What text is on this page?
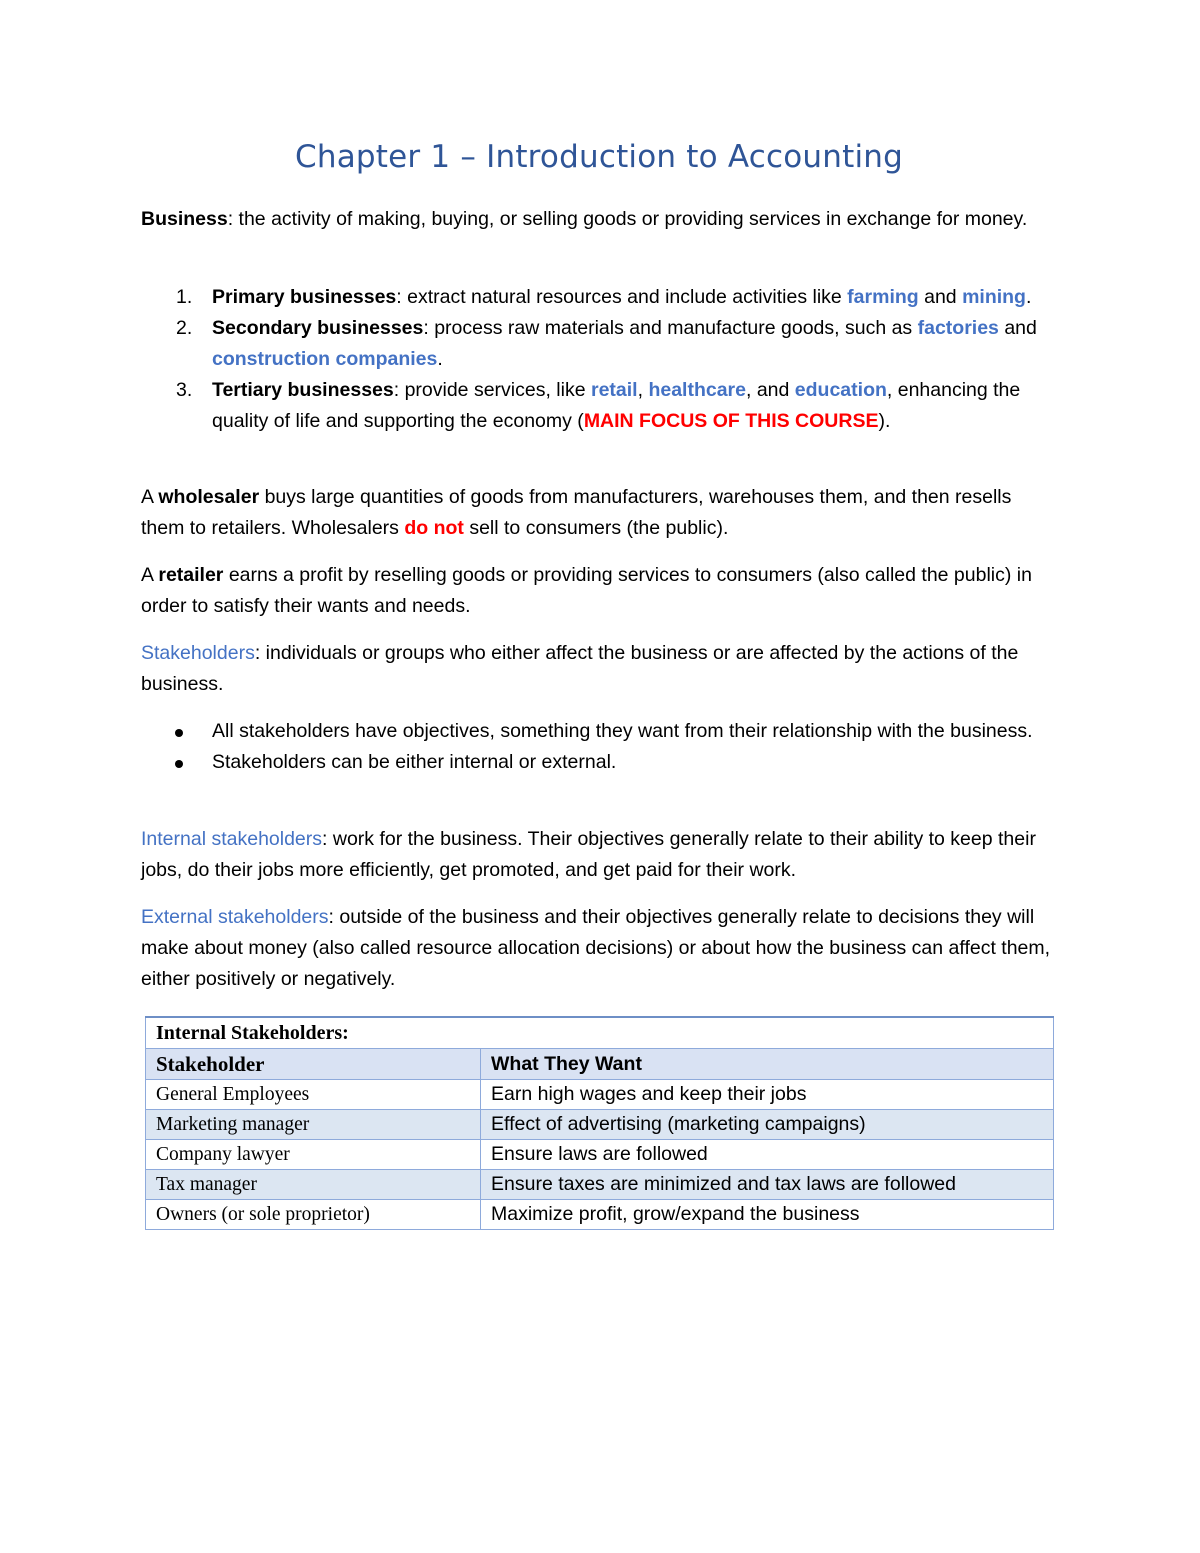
Chapter 1 – Introduction to Accounting

Business: the activity of making, buying, or selling goods or providing services in exchange for money.

1. Primary businesses: extract natural resources and include activities like farming and mining.
2. Secondary businesses: process raw materials and manufacture goods, such as factories and construction companies.
3. Tertiary businesses: provide services, like retail, healthcare, and education, enhancing the quality of life and supporting the economy (MAIN FOCUS OF THIS COURSE).

A wholesaler buys large quantities of goods from manufacturers, warehouses them, and then resells them to retailers. Wholesalers do not sell to consumers (the public).

A retailer earns a profit by reselling goods or providing services to consumers (also called the public) in order to satisfy their wants and needs.

Stakeholders: individuals or groups who either affect the business or are affected by the actions of the business.

All stakeholders have objectives, something they want from their relationship with the business.
Stakeholders can be either internal or external.

Internal stakeholders: work for the business. Their objectives generally relate to their ability to keep their jobs, do their jobs more efficiently, get promoted, and get paid for their work.

External stakeholders: outside of the business and their objectives generally relate to decisions they will make about money (also called resource allocation decisions) or about how the business can affect them, either positively or negatively.

Internal Stakeholders:	
Stakeholder	What They Want
General Employees	Earn high wages and keep their jobs
Marketing manager	Effect of advertising (marketing campaigns)
Company lawyer	Ensure laws are followed
Tax manager	Ensure taxes are minimized and tax laws are followed
Owners (or sole proprietor)	Maximize profit, grow/expand the business
